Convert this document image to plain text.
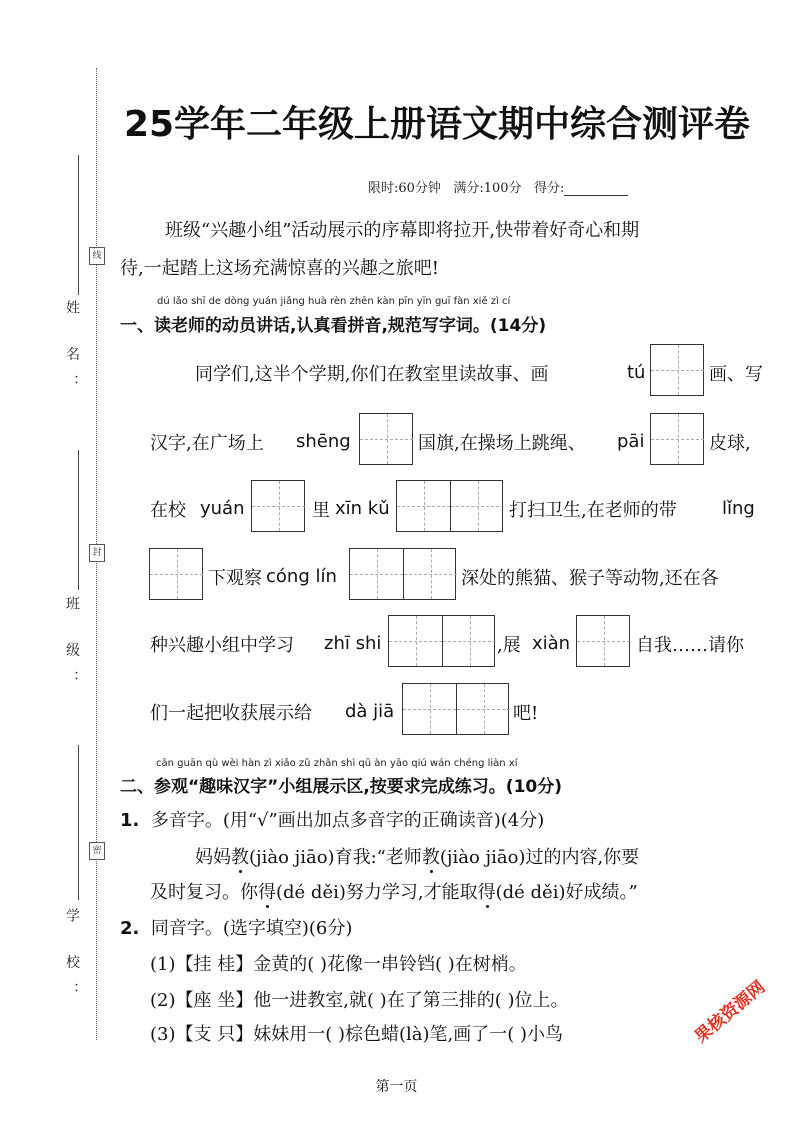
姓 名：
班 级：
学 校：
线
封
密
25学年二年级上册语文期中综合测评卷
限时:60分钟 满分:100分 得分:
班级“兴趣小组”活动展示的序幕即将拉开,快带着好奇心和期
待,一起踏上这场充满惊喜的兴趣之旅吧!
dú lǎo shī de dòng yuán jiǎng huà rèn zhēn kàn pīn yīn guī fàn xiě zì cí
一、读老师的动员讲话,认真看拼音,规范写字词。(14分)
同学们,这半个学期,你们在教室里读故事、画	tú	画、写
汉字,在广场上 shēng	国旗,在操场上跳绳、 pāi	皮球,
在校 yuán	里 xīn kǔ	打扫卫生,在老师的带	lǐng
下观察 cóng lín	深处的熊猫、猴子等动物,还在各
种兴趣小组中学习 zhī shi	,展 xiàn	自我……请你
们一起把收获展示给 dà jiā	吧!
cān guān qù wèi hàn zì xiǎo zǔ zhǎn shì qū àn yāo qiú wán chéng liàn xí
二、参观“趣味汉字”小组展示区,按要求完成练习。(10分)
1. 多音字。(用“√”画出加点多音字的正确读音)(4分)
妈妈教(jiào jiāo)育我:“老师教(jiào jiāo)过的内容,你要
及时复习。你得(dé děi)努力学习,才能取得(dé děi)好成绩。”
2. 同音字。(选字填空)(6分)
(1)【挂 桂】金黄的( )花像一串铃铛( )在树梢。
(2)【座 坐】他一进教室,就( )在了第三排的( )位上。
(3)【支 只】妹妹用一( )棕色蜡(là)笔,画了一( )小鸟	果核资源网
第一页
